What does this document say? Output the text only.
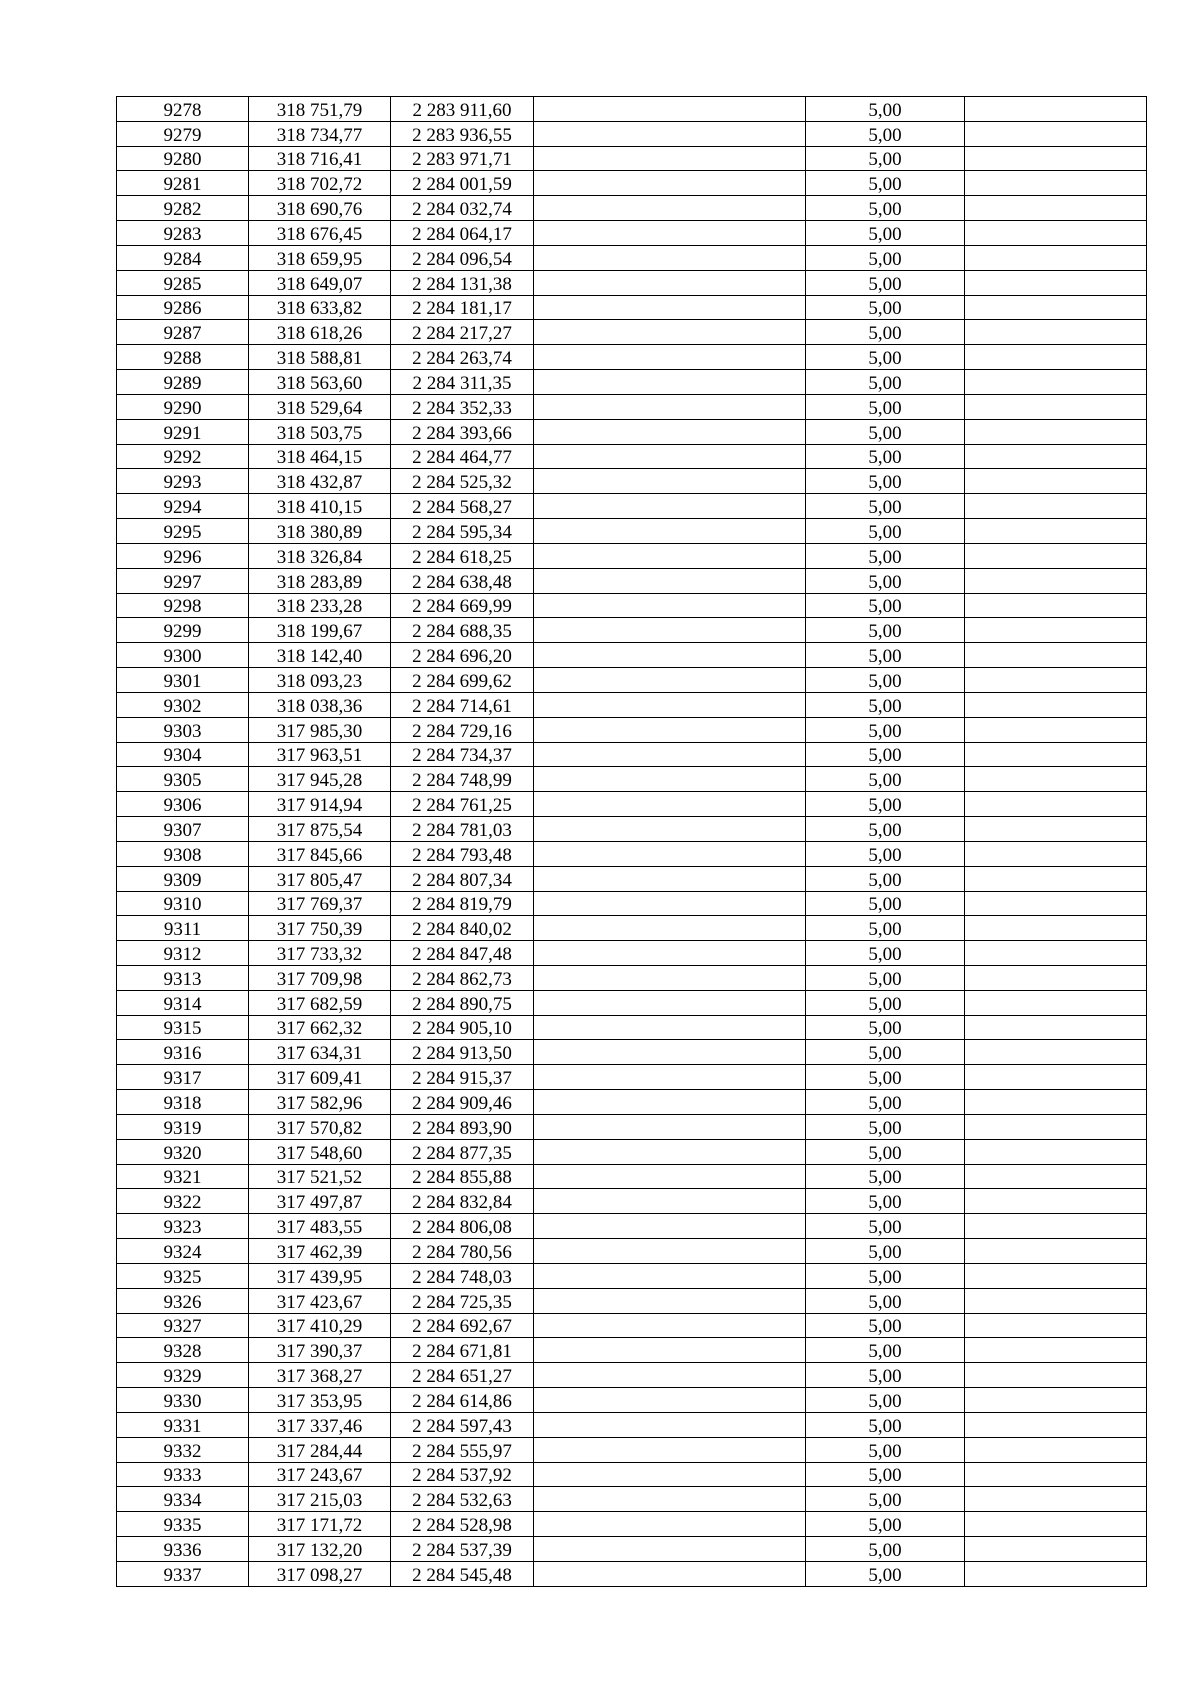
9278	318 751,79	2 283 911,60		5,00	
9279	318 734,77	2 283 936,55		5,00	
9280	318 716,41	2 283 971,71		5,00	
9281	318 702,72	2 284 001,59		5,00	
9282	318 690,76	2 284 032,74		5,00	
9283	318 676,45	2 284 064,17		5,00	
9284	318 659,95	2 284 096,54		5,00	
9285	318 649,07	2 284 131,38		5,00	
9286	318 633,82	2 284 181,17		5,00	
9287	318 618,26	2 284 217,27		5,00	
9288	318 588,81	2 284 263,74		5,00	
9289	318 563,60	2 284 311,35		5,00	
9290	318 529,64	2 284 352,33		5,00	
9291	318 503,75	2 284 393,66		5,00	
9292	318 464,15	2 284 464,77		5,00	
9293	318 432,87	2 284 525,32		5,00	
9294	318 410,15	2 284 568,27		5,00	
9295	318 380,89	2 284 595,34		5,00	
9296	318 326,84	2 284 618,25		5,00	
9297	318 283,89	2 284 638,48		5,00	
9298	318 233,28	2 284 669,99		5,00	
9299	318 199,67	2 284 688,35		5,00	
9300	318 142,40	2 284 696,20		5,00	
9301	318 093,23	2 284 699,62		5,00	
9302	318 038,36	2 284 714,61		5,00	
9303	317 985,30	2 284 729,16		5,00	
9304	317 963,51	2 284 734,37		5,00	
9305	317 945,28	2 284 748,99		5,00	
9306	317 914,94	2 284 761,25		5,00	
9307	317 875,54	2 284 781,03		5,00	
9308	317 845,66	2 284 793,48		5,00	
9309	317 805,47	2 284 807,34		5,00	
9310	317 769,37	2 284 819,79		5,00	
9311	317 750,39	2 284 840,02		5,00	
9312	317 733,32	2 284 847,48		5,00	
9313	317 709,98	2 284 862,73		5,00	
9314	317 682,59	2 284 890,75		5,00	
9315	317 662,32	2 284 905,10		5,00	
9316	317 634,31	2 284 913,50		5,00	
9317	317 609,41	2 284 915,37		5,00	
9318	317 582,96	2 284 909,46		5,00	
9319	317 570,82	2 284 893,90		5,00	
9320	317 548,60	2 284 877,35		5,00	
9321	317 521,52	2 284 855,88		5,00	
9322	317 497,87	2 284 832,84		5,00	
9323	317 483,55	2 284 806,08		5,00	
9324	317 462,39	2 284 780,56		5,00	
9325	317 439,95	2 284 748,03		5,00	
9326	317 423,67	2 284 725,35		5,00	
9327	317 410,29	2 284 692,67		5,00	
9328	317 390,37	2 284 671,81		5,00	
9329	317 368,27	2 284 651,27		5,00	
9330	317 353,95	2 284 614,86		5,00	
9331	317 337,46	2 284 597,43		5,00	
9332	317 284,44	2 284 555,97		5,00	
9333	317 243,67	2 284 537,92		5,00	
9334	317 215,03	2 284 532,63		5,00	
9335	317 171,72	2 284 528,98		5,00	
9336	317 132,20	2 284 537,39		5,00	
9337	317 098,27	2 284 545,48		5,00	
